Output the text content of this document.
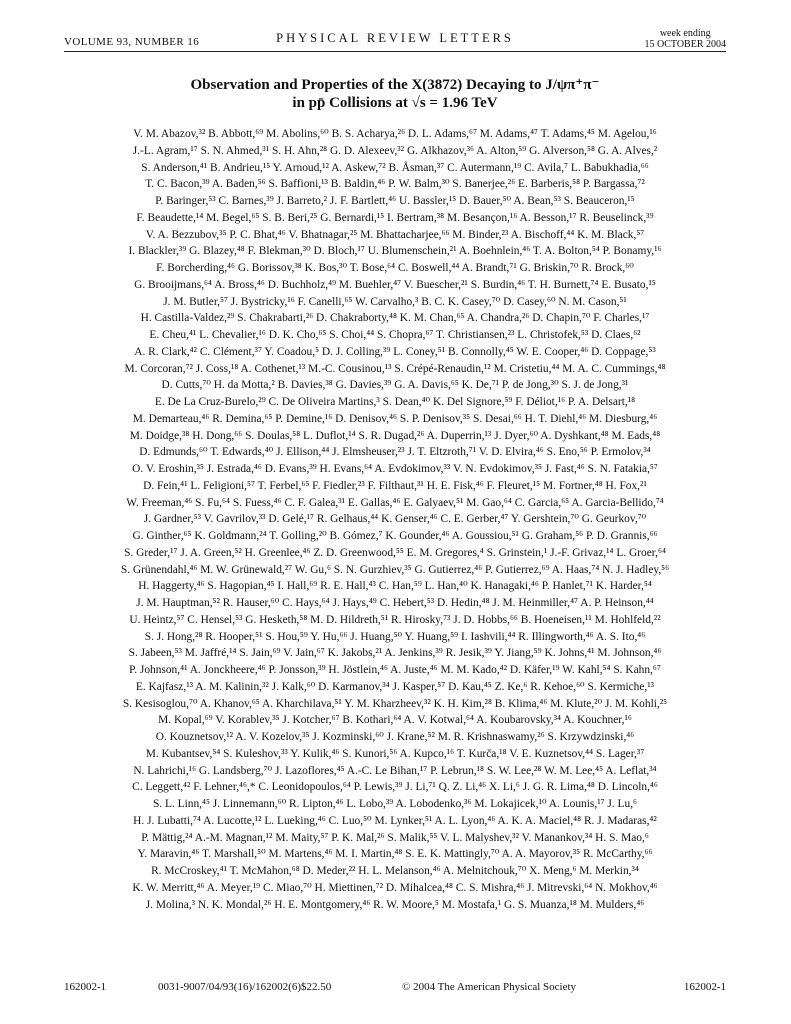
VOLUME 93, NUMBER 16	PHYSICAL REVIEW LETTERS	week ending
15 OCTOBER 2004
Observation and Properties of the X(3872) Decaying to J/ψπ⁺π⁻
in pp̄ Collisions at √s = 1.96 TeV
V. M. Abazov,³² B. Abbott,⁶⁹ M. Abolins,⁶⁰ B. S. Acharya,²⁶ D. L. Adams,⁶⁷ M. Adams,⁴⁷ T. Adams,⁴⁵ M. Agelou,¹⁶
J.-L. Agram,¹⁷ S. N. Ahmed,³¹ S. H. Ahn,²⁸ G. D. Alexeev,³² G. Alkhazov,³⁶ A. Alton,⁵⁹ G. Alverson,⁵⁸ G. A. Alves,²
S. Anderson,⁴¹ B. Andrieu,¹⁵ Y. Arnoud,¹² A. Askew,⁷² B. Åsman,³⁷ C. Autermann,¹⁹ C. Avila,⁷ L. Babukhadia,⁶⁶
T. C. Bacon,³⁹ A. Baden,⁵⁶ S. Baffioni,¹³ B. Baldin,⁴⁶ P. W. Balm,³⁰ S. Banerjee,²⁶ E. Barberis,⁵⁸ P. Bargassa,⁷²
P. Baringer,⁵³ C. Barnes,³⁹ J. Barreto,² J. F. Bartlett,⁴⁶ U. Bassler,¹⁵ D. Bauer,⁵⁰ A. Bean,⁵³ S. Beauceron,¹⁵
F. Beaudette,¹⁴ M. Begel,⁶⁵ S. B. Beri,²⁵ G. Bernardi,¹⁵ I. Bertram,³⁸ M. Besançon,¹⁶ A. Besson,¹⁷ R. Beuselinck,³⁹
V. A. Bezzubov,³⁵ P. C. Bhat,⁴⁶ V. Bhatnagar,²⁵ M. Bhattacharjee,⁶⁶ M. Binder,²³ A. Bischoff,⁴⁴ K. M. Black,⁵⁷
I. Blackler,³⁹ G. Blazey,⁴⁸ F. Blekman,³⁰ D. Bloch,¹⁷ U. Blumenschein,²¹ A. Boehnlein,⁴⁶ T. A. Bolton,⁵⁴ P. Bonamy,¹⁶
F. Borcherding,⁴⁶ G. Borissov,³⁸ K. Bos,³⁰ T. Bose,⁶⁴ C. Boswell,⁴⁴ A. Brandt,⁷¹ G. Briskin,⁷⁰ R. Brock,⁶⁰
G. Brooijmans,⁶⁴ A. Bross,⁴⁶ D. Buchholz,⁴⁹ M. Buehler,⁴⁷ V. Buescher,²¹ S. Burdin,⁴⁶ T. H. Burnett,⁷⁴ E. Busato,¹⁵
J. M. Butler,⁵⁷ J. Bystricky,¹⁶ F. Canelli,⁶⁵ W. Carvalho,³ B. C. K. Casey,⁷⁰ D. Casey,⁶⁰ N. M. Cason,⁵¹
H. Castilla-Valdez,²⁹ S. Chakrabarti,²⁶ D. Chakraborty,⁴⁸ K. M. Chan,⁶⁵ A. Chandra,²⁶ D. Chapin,⁷⁰ F. Charles,¹⁷
E. Cheu,⁴¹ L. Chevalier,¹⁶ D. K. Cho,⁶⁵ S. Choi,⁴⁴ S. Chopra,⁶⁷ T. Christiansen,²³ L. Christofek,⁵³ D. Claes,⁶²
A. R. Clark,⁴² C. Clément,³⁷ Y. Coadou,⁵ D. J. Colling,³⁹ L. Coney,⁵¹ B. Connolly,⁴⁵ W. E. Cooper,⁴⁶ D. Coppage,⁵³
M. Corcoran,⁷² J. Coss,¹⁸ A. Cothenet,¹³ M.-C. Cousinou,¹³ S. Crépé-Renaudin,¹² M. Cristetiu,⁴⁴ M. A. C. Cummings,⁴⁸
D. Cutts,⁷⁰ H. da Motta,² B. Davies,³⁸ G. Davies,³⁹ G. A. Davis,⁶⁵ K. De,⁷¹ P. de Jong,³⁰ S. J. de Jong,³¹
E. De La Cruz-Burelo,²⁹ C. De Oliveira Martins,³ S. Dean,⁴⁰ K. Del Signore,⁵⁹ F. Déliot,¹⁶ P. A. Delsart,¹⁸
M. Demarteau,⁴⁶ R. Demina,⁶⁵ P. Demine,¹⁶ D. Denisov,⁴⁶ S. P. Denisov,³⁵ S. Desai,⁶⁶ H. T. Diehl,⁴⁶ M. Diesburg,⁴⁶
M. Doidge,³⁸ H. Dong,⁶⁶ S. Doulas,⁵⁸ L. Duflot,¹⁴ S. R. Dugad,²⁶ A. Duperrin,¹³ J. Dyer,⁶⁰ A. Dyshkant,⁴⁸ M. Eads,⁴⁸
D. Edmunds,⁶⁰ T. Edwards,⁴⁰ J. Ellison,⁴⁴ J. Elmsheuser,²³ J. T. Eltzroth,⁷¹ V. D. Elvira,⁴⁶ S. Eno,⁵⁶ P. Ermolov,³⁴
O. V. Eroshin,³⁵ J. Estrada,⁴⁶ D. Evans,³⁹ H. Evans,⁶⁴ A. Evdokimov,³³ V. N. Evdokimov,³⁵ J. Fast,⁴⁶ S. N. Fatakia,⁵⁷
D. Fein,⁴¹ L. Feligioni,⁵⁷ T. Ferbel,⁶⁵ F. Fiedler,²³ F. Filthaut,³¹ H. E. Fisk,⁴⁶ F. Fleuret,¹⁵ M. Fortner,⁴⁸ H. Fox,²¹
W. Freeman,⁴⁶ S. Fu,⁶⁴ S. Fuess,⁴⁶ C. F. Galea,³¹ E. Gallas,⁴⁶ E. Galyaev,⁵¹ M. Gao,⁶⁴ C. Garcia,⁶⁵ A. Garcia-Bellido,⁷⁴
J. Gardner,⁵³ V. Gavrilov,³³ D. Gelé,¹⁷ R. Gelhaus,⁴⁴ K. Genser,⁴⁶ C. E. Gerber,⁴⁷ Y. Gershtein,⁷⁰ G. Geurkov,⁷⁰
G. Ginther,⁶⁵ K. Goldmann,²⁴ T. Golling,²⁰ B. Gómez,⁷ K. Gounder,⁴⁶ A. Goussiou,⁵¹ G. Graham,⁵⁶ P. D. Grannis,⁶⁶
S. Greder,¹⁷ J. A. Green,⁵² H. Greenlee,⁴⁶ Z. D. Greenwood,⁵⁵ E. M. Gregores,⁴ S. Grinstein,¹ J.-F. Grivaz,¹⁴ L. Groer,⁶⁴
S. Grünendahl,⁴⁶ M. W. Grünewald,²⁷ W. Gu,⁶ S. N. Gurzhiev,³⁵ G. Gutierrez,⁴⁶ P. Gutierrez,⁶⁹ A. Haas,⁷⁴ N. J. Hadley,⁵⁶
H. Haggerty,⁴⁶ S. Hagopian,⁴⁵ I. Hall,⁶⁹ R. E. Hall,⁴³ C. Han,⁵⁹ L. Han,⁴⁰ K. Hanagaki,⁴⁶ P. Hanlet,⁷¹ K. Harder,⁵⁴
J. M. Hauptman,⁵² R. Hauser,⁶⁰ C. Hays,⁶⁴ J. Hays,⁴⁹ C. Hebert,⁵³ D. Hedin,⁴⁸ J. M. Heinmiller,⁴⁷ A. P. Heinson,⁴⁴
U. Heintz,⁵⁷ C. Hensel,⁵³ G. Hesketh,⁵⁸ M. D. Hildreth,⁵¹ R. Hirosky,⁷³ J. D. Hobbs,⁶⁶ B. Hoeneisen,¹¹ M. Hohlfeld,²²
S. J. Hong,²⁸ R. Hooper,⁵¹ S. Hou,⁵⁹ Y. Hu,⁶⁶ J. Huang,⁵⁰ Y. Huang,⁵⁹ I. Iashvili,⁴⁴ R. Illingworth,⁴⁶ A. S. Ito,⁴⁶
S. Jabeen,⁵³ M. Jaffré,¹⁴ S. Jain,⁶⁹ V. Jain,⁶⁷ K. Jakobs,²¹ A. Jenkins,³⁹ R. Jesik,³⁹ Y. Jiang,⁵⁹ K. Johns,⁴¹ M. Johnson,⁴⁶
P. Johnson,⁴¹ A. Jonckheere,⁴⁶ P. Jonsson,³⁹ H. Jöstlein,⁴⁶ A. Juste,⁴⁶ M. M. Kado,⁴² D. Käfer,¹⁹ W. Kahl,⁵⁴ S. Kahn,⁶⁷
E. Kajfasz,¹³ A. M. Kalinin,³² J. Kalk,⁶⁰ D. Karmanov,³⁴ J. Kasper,⁵⁷ D. Kau,⁴⁵ Z. Ke,⁶ R. Kehoe,⁶⁰ S. Kermiche,¹³
S. Kesisoglou,⁷⁰ A. Khanov,⁶⁵ A. Kharchilava,⁵¹ Y. M. Kharzheev,³² K. H. Kim,²⁸ B. Klima,⁴⁶ M. Klute,²⁰ J. M. Kohli,²⁵
M. Kopal,⁶⁹ V. Korablev,³⁵ J. Kotcher,⁶⁷ B. Kothari,⁶⁴ A. V. Kotwal,⁶⁴ A. Koubarovsky,³⁴ A. Kouchner,¹⁶
O. Kouznetsov,¹² A. V. Kozelov,³⁵ J. Kozminski,⁶⁰ J. Krane,⁵² M. R. Krishnaswamy,²⁶ S. Krzywdzinski,⁴⁶
M. Kubantsev,⁵⁴ S. Kuleshov,³³ Y. Kulik,⁴⁶ S. Kunori,⁵⁶ A. Kupco,¹⁶ T. Kurča,¹⁸ V. E. Kuznetsov,⁴⁴ S. Lager,³⁷
N. Lahrichi,¹⁶ G. Landsberg,⁷⁰ J. Lazoflores,⁴⁵ A.-C. Le Bihan,¹⁷ P. Lebrun,¹⁸ S. W. Lee,²⁸ W. M. Lee,⁴⁵ A. Leflat,³⁴
C. Leggett,⁴² F. Lehner,⁴⁶,* C. Leonidopoulos,⁶⁴ P. Lewis,³⁹ J. Li,⁷¹ Q. Z. Li,⁴⁶ X. Li,⁶ J. G. R. Lima,⁴⁸ D. Lincoln,⁴⁶
S. L. Linn,⁴⁵ J. Linnemann,⁶⁰ R. Lipton,⁴⁶ L. Lobo,³⁹ A. Lobodenko,³⁶ M. Lokajicek,¹⁰ A. Lounis,¹⁷ J. Lu,⁶
H. J. Lubatti,⁷⁴ A. Lucotte,¹² L. Lueking,⁴⁶ C. Luo,⁵⁰ M. Lynker,⁵¹ A. L. Lyon,⁴⁶ A. K. A. Maciel,⁴⁸ R. J. Madaras,⁴²
P. Mättig,²⁴ A.-M. Magnan,¹² M. Maity,⁵⁷ P. K. Mal,²⁶ S. Malik,⁵⁵ V. L. Malyshev,³² V. Manankov,³⁴ H. S. Mao,⁶
Y. Maravin,⁴⁶ T. Marshall,⁵⁰ M. Martens,⁴⁶ M. I. Martin,⁴⁸ S. E. K. Mattingly,⁷⁰ A. A. Mayorov,³⁵ R. McCarthy,⁶⁶
R. McCroskey,⁴¹ T. McMahon,⁶⁸ D. Meder,²² H. L. Melanson,⁴⁶ A. Melnitchouk,⁷⁰ X. Meng,⁶ M. Merkin,³⁴
K. W. Merritt,⁴⁶ A. Meyer,¹⁹ C. Miao,⁷⁰ H. Miettinen,⁷² D. Mihalcea,⁴⁸ C. S. Mishra,⁴⁶ J. Mitrevski,⁶⁴ N. Mokhov,⁴⁶
J. Molina,³ N. K. Mondal,²⁶ H. E. Montgomery,⁴⁶ R. W. Moore,⁵ M. Mostafa,¹ G. S. Muanza,¹⁸ M. Mulders,⁴⁶
162002-1	0031-9007/04/93(16)/162002(6)$22.50	© 2004 The American Physical Society	162002-1
